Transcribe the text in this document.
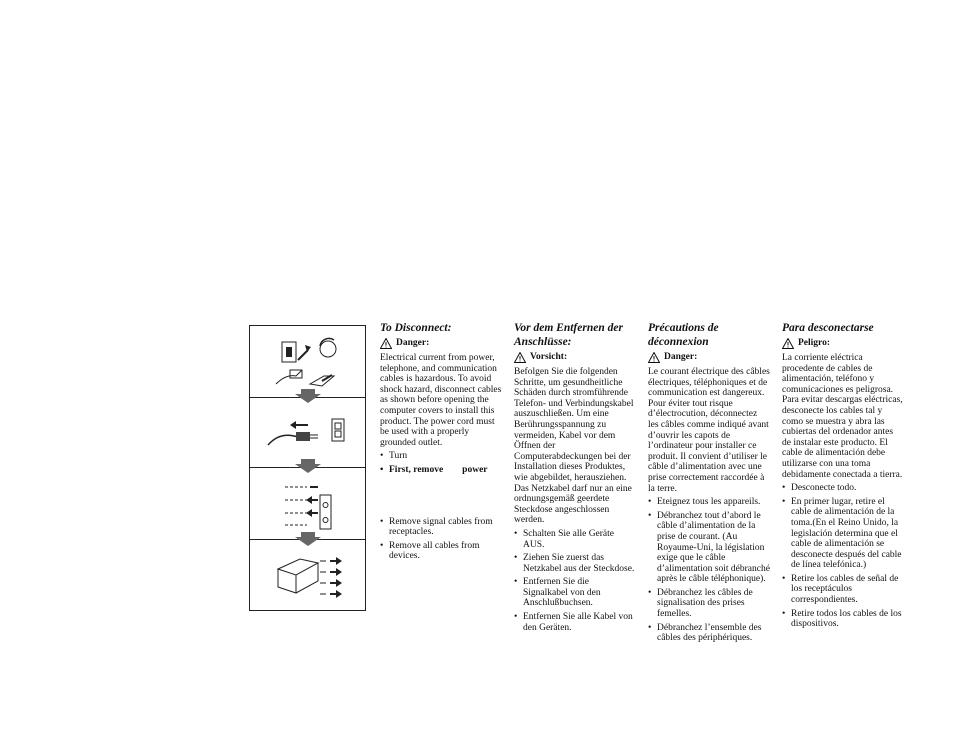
To Disconnect:
Danger:

Electrical current from power, telephone, and communication cables is hazardous. To avoid shock hazard, disconnect cables as shown before opening the computer covers to install this product. The power cord must be used with a properly grounded outlet.

• Turn
• First, remove power
• Remove signal cables from receptacles.
• Remove all cables from devices.
Vor dem Entfernen der Anschlüsse:
Vorsicht:

Befolgen Sie die folgenden Schritte, um gesundheitliche Schäden durch stromführende Telefon- und Verbindungskabel auszuschließen. Um eine Berührungsspannung zu vermeiden, Kabel vor dem Öffnen der Computerabdeckungen bei der Installation dieses Produktes, wie abgebildet, herausziehen. Das Netzkabel darf nur an eine ordnungsgemäß geerdete Steckdose angeschlossen werden.

• Schalten Sie alle Geräte AUS.
• Ziehen Sie zuerst das Netzkabel aus der Steckdose.
• Entfernen Sie die Signalkabel von den Anschlußbuchsen.
• Entfernen Sie alle Kabel von den Geräten.
Précautions de déconnexion
Danger:

Le courant électrique des câbles électriques, téléphoniques et de communication est dangereux. Pour éviter tout risque d’électrocution, déconnectez les câbles comme indiqué avant d’ouvrir les capots de l’ordinateur pour installer ce produit. Il convient d’utiliser le câble d’alimentation avec une prise correctement raccordée à la terre.

• Eteignez tous les appareils.
• Débranchez tout d’abord le câble d’alimentation de la prise de courant. (Au Royaume-Uni, la législation exige que le câble d’alimentation soit débranché après le câble téléphonique).
• Débranchez les câbles de signalisation des prises femelles.
• Débranchez l’ensemble des câbles des périphériques.
Para desconectarse
Peligro:

La corriente eléctrica procedente de cables de alimentación, teléfono y comunicaciones es peligrosa. Para evitar descargas eléctricas, desconecte los cables tal y como se muestra y abra las cubiertas del ordenador antes de instalar este producto. El cable de alimentación debe utilizarse con una toma debidamente conectada a tierra.

• Desconecte todo.
• En primer lugar, retire el cable de alimentación de la toma.(En el Reino Unido, la legislación determina que el cable de alimentación se desconecte después del cable de línea telefónica.)
• Retire los cables de señal de los receptáculos correspondientes.
• Retire todos los cables de los dispositivos.
